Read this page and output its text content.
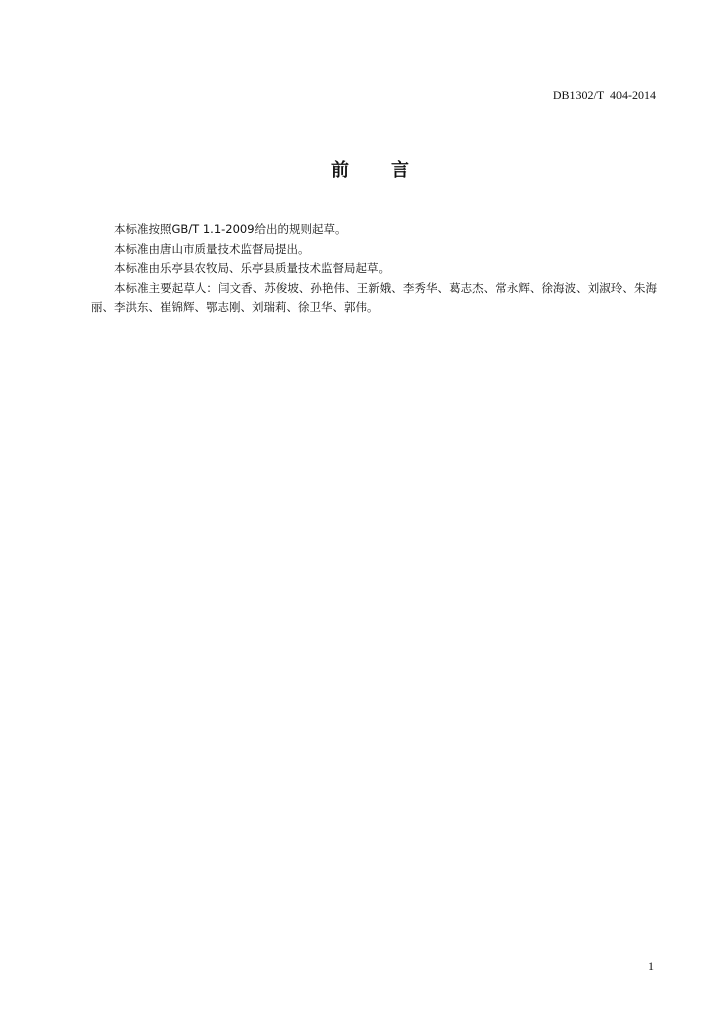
DB1302/T  404-2014
前 言

本标准按照GB/T 1.1-2009给出的规则起草。

本标准由唐山市质量技术监督局提出。

本标准由乐亭县农牧局、乐亭县质量技术监督局起草。

本标准主要起草人：闫文香、苏俊坡、孙艳伟、王新娥、李秀华、葛志杰、常永辉、徐海波、刘淑玲、朱海丽、李洪东、崔锦辉、鄂志刚、刘瑞莉、徐卫华、郭伟。

1
